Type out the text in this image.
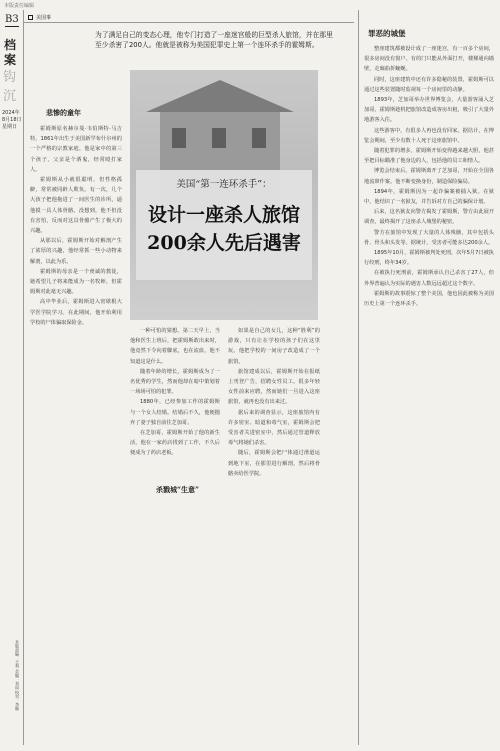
本版责任编辑
B3
档案
钩沉
2024年
8月18日
星期日
本版责编：王利 美编：刘雨 校对：李颖
美国事
为了满足自己的变态心理，他专门打造了一座迷宫般的巨型杀人旅馆，并在那里至少杀害了200人。他就是被称为美国犯罪史上第一个连环杀手的霍姆斯。
悲惨的童年

霍姆斯原名赫尔曼·韦伯斯特·马吉特，1861年出生于美国新罕布什尔州的一个严格的宗教家庭。他是家中的第三个孩子，父亲是个酒鬼，经常殴打家人。

霍姆斯从小就很聪明，但性格孤僻，常常被同龄人欺负。有一次，几个大孩子把他拖进了一间医生的诊所，逼他摸一具人体骨骼。没想到，他不但没有害怕，反而对这具骨骼产生了极大的兴趣。

从那以后，霍姆斯开始对解剖产生了浓厚的兴趣，他经常抓一些小动物来解剖，以此为乐。

霍姆斯的母亲是一个虔诚的教徒，她希望儿子将来能成为一名牧师，但霍姆斯对此毫无兴趣。

高中毕业后，霍姆斯进入密歇根大学医学院学习。在此期间，他开始利用学校的尸体骗取保险金。

美国“第一连环杀手”：
设计一座杀人旅馆
200余人先后遇害

一种可怕的猜想。第二天早上，当他和医生上班后，把霍姆斯敢出来时，他竟然下令向着脚底，也在流血，他不知道这是什么。

随着年龄的增长，霍姆斯成为了一名优秀的学生，然而他却在暗中策划着一场场可怕的犯罪。

1880年，已经参加工作的霍姆斯与一个女人结婚。结婚后不久，他便抛弃了妻子独自前往芝加哥。

在芝加哥，霍姆斯开始了他的新生活，他在一家药店找到了工作，不久后便成为了药店老板。

杀戮城“生意”

如果是自己的女儿，这种“胜利”的游戏，只有让在学校的孩子们在这里玩。他把学校的一间房子改造成了一个旅馆。

旅馆建成以后，霍姆斯开始在报纸上刊登广告，招聘女性员工。很多年轻女性前来应聘，然而她们一旦进入这座旅馆，就再也没有出来过。

据后来的调查显示，这座旅馆内有许多密室、暗道和毒气室，霍姆斯会把受害者关进密室中，然后通过管道释放毒气将她们杀害。

随后，霍姆斯会把尸体通过滑道运到地下室，在那里进行解剖，然后将骨骼卖给医学院。

罪恶的城堡

整座建筑都被设计成了一座迷宫，有一百多个房间，很多房间没有窗户，有的门只能从外面打开，楼梯通向墙壁，走廊曲折蜿蜒。

同时，这座建筑中还有许多隐秘的装置，霍姆斯可以通过这些装置随时监视每一个房间里的动静。

1893年，芝加哥举办世界博览会，大量游客涌入芝加哥，霍姆斯趁机把旅馆改造成客房出租，吸引了大量外地游客入住。

这些游客中，有很多人再也没有回家。据估计，在博览会期间，至少有数十人死于这座旅馆中。

随着犯罪的增多，霍姆斯开始变得越来越大胆，他甚至把目标瞄准了他身边的人，包括他的员工和情人。

博览会结束后，霍姆斯离开了芝加哥，开始在全国各地流窜作案。他不断变换身份，制造保险骗局。

1894年，霍姆斯因为一起诈骗案被捕入狱。在狱中，他结识了一名狱友，并告诉对方自己的骗保计划。

后来，这名狱友向警方揭发了霍姆斯，警方由此展开调查，最终揭开了这座杀人城堡的秘密。

警方在旅馆中发现了大量的人体残骸，其中包括头骨、骨头和头发等。据统计，受害者可能多达200余人。

1895年10月，霍姆斯被判处死刑，次年5月7日被执行绞刑，终年34岁。

在被执行死刑前，霍姆斯承认自己杀害了27人，但外界普遍认为实际的遇害人数远远超过这个数字。

霍姆斯的故事震惊了整个美国，他也因此被称为美国历史上第一个连环杀手。
